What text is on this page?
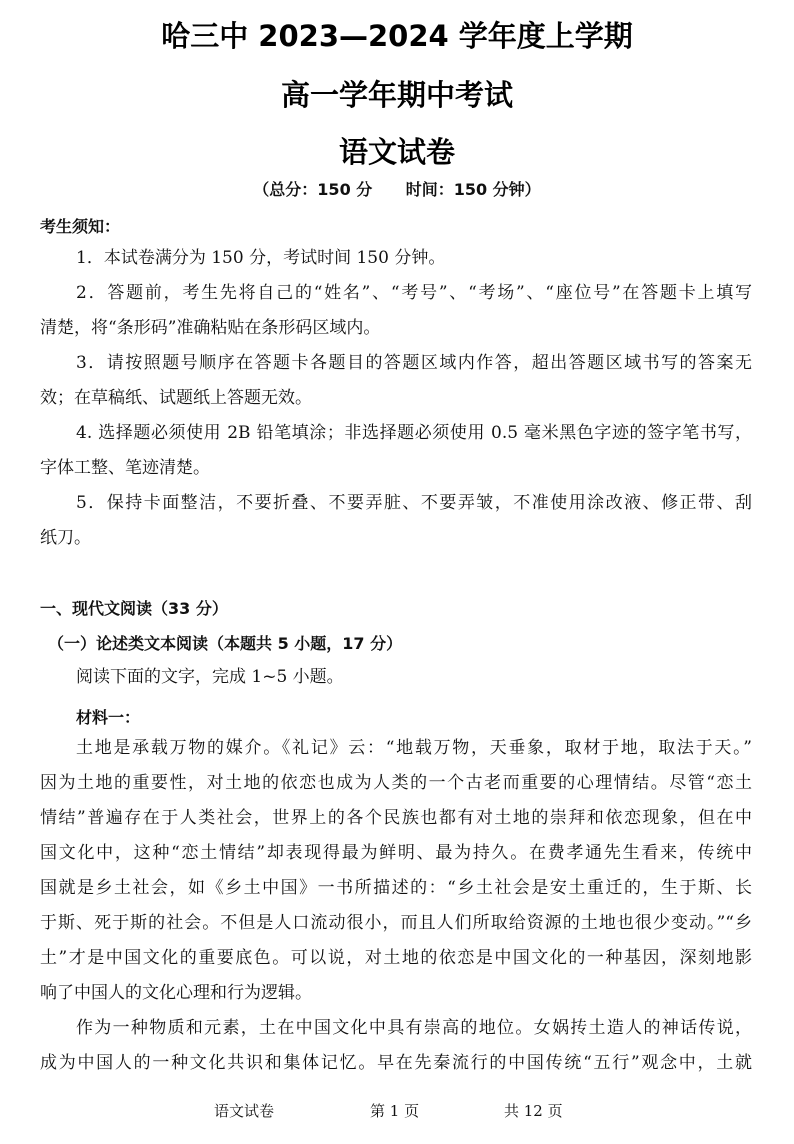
哈三中 2023—2024 学年度上学期
高一学年期中考试
语文试卷
（总分：150 分 时间：150 分钟）
考生须知：
1．本试卷满分为 150 分，考试时间 150 分钟。
2．答题前，考生先将自己的“姓名”、“考号”、“考场”、“座位号”在答题卡上填写
清楚，将“条形码”准确粘贴在条形码区域内。
3．请按照题号顺序在答题卡各题目的答题区域内作答，超出答题区域书写的答案无
效；在草稿纸、试题纸上答题无效。
4. 选择题必须使用 2B 铅笔填涂；非选择题必须使用 0.5 毫米黑色字迹的签字笔书写，
字体工整、笔迹清楚。
5．保持卡面整洁，不要折叠、不要弄脏、不要弄皱，不准使用涂改液、修正带、刮
纸刀。
一、现代文阅读（33 分）
（一）论述类文本阅读（本题共 5 小题，17 分）
阅读下面的文字，完成 1~5 小题。
材料一：
土地是承载万物的媒介。《礼记》云：“地载万物，天垂象，取材于地，取法于天。”
因为土地的重要性，对土地的依恋也成为人类的一个古老而重要的心理情结。尽管“恋土
情结”普遍存在于人类社会，世界上的各个民族也都有对土地的崇拜和依恋现象，但在中
国文化中，这种“恋土情结”却表现得最为鲜明、最为持久。在费孝通先生看来，传统中
国就是乡土社会，如《乡土中国》一书所描述的：“乡土社会是安土重迁的，生于斯、长
于斯、死于斯的社会。不但是人口流动很小，而且人们所取给资源的土地也很少变动。”“乡
土”才是中国文化的重要底色。可以说，对土地的依恋是中国文化的一种基因，深刻地影
响了中国人的文化心理和行为逻辑。
作为一种物质和元素，土在中国文化中具有崇高的地位。女娲抟土造人的神话传说，
成为中国人的一种文化共识和集体记忆。早在先秦流行的中国传统“五行”观念中，土就
语文试卷	第 1 页	共 12 页
